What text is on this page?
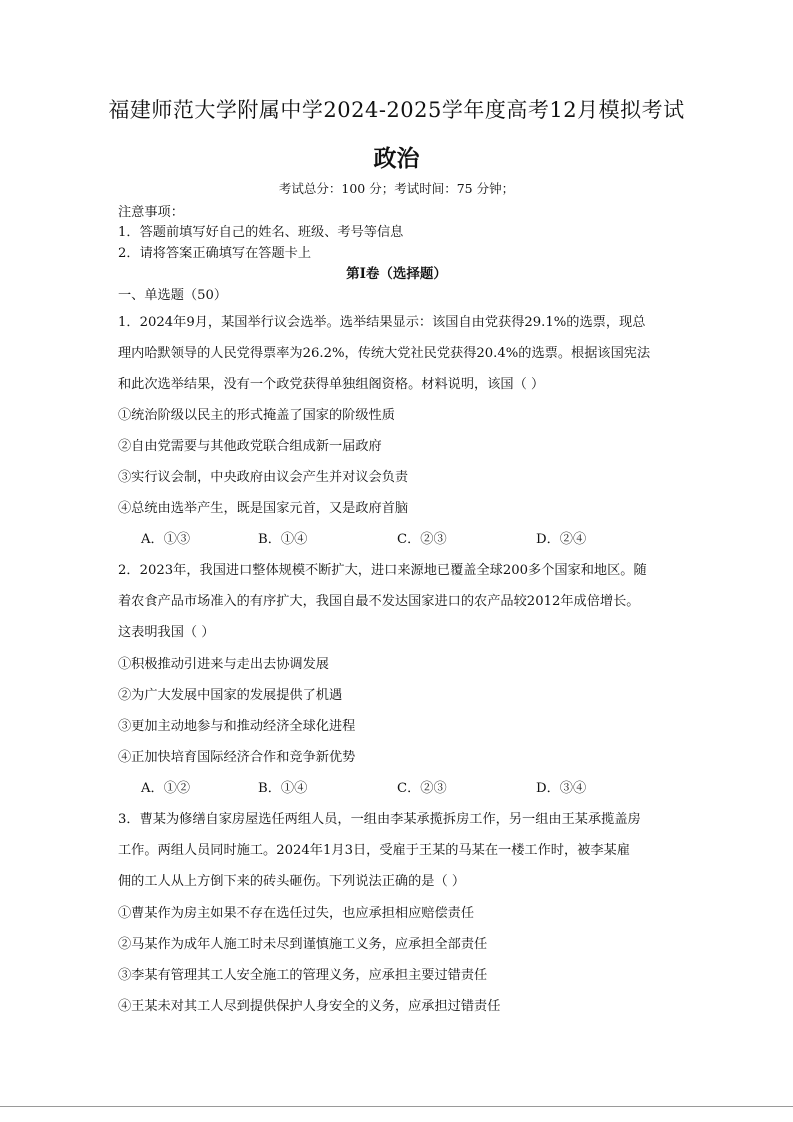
福建师范大学附属中学2024-2025学年度高考12月模拟考试
政治
考试总分：100 分；考试时间：75 分钟；
注意事项：
1．答题前填写好自己的姓名、班级、考号等信息
2．请将答案正确填写在答题卡上
第Ⅰ卷（选择题）
一、单选题（50）
1．2024年9月，某国举行议会选举。选举结果显示：该国自由党获得29.1%的选票，现总
理内哈默领导的人民党得票率为26.2%，传统大党社民党获得20.4%的选票。根据该国宪法
和此次选举结果，没有一个政党获得单独组阁资格。材料说明，该国（ ）
①统治阶级以民主的形式掩盖了国家的阶级性质
②自由党需要与其他政党联合组成新一届政府
③实行议会制，中央政府由议会产生并对议会负责
④总统由选举产生，既是国家元首，又是政府首脑
A．①③	B．①④	C．②③	D．②④
2．2023年，我国进口整体规模不断扩大，进口来源地已覆盖全球200多个国家和地区。随
着农食产品市场准入的有序扩大，我国自最不发达国家进口的农产品较2012年成倍增长。
这表明我国（ ）
①积极推动引进来与走出去协调发展
②为广大发展中国家的发展提供了机遇
③更加主动地参与和推动经济全球化进程
④正加快培育国际经济合作和竞争新优势
A．①②	B．①④	C．②③	D．③④
3．曹某为修缮自家房屋选任两组人员，一组由李某承揽拆房工作，另一组由王某承揽盖房
工作。两组人员同时施工。2024年1月3日，受雇于王某的马某在一楼工作时，被李某雇
佣的工人从上方倒下来的砖头砸伤。下列说法正确的是（ ）
①曹某作为房主如果不存在选任过失，也应承担相应赔偿责任
②马某作为成年人施工时未尽到谨慎施工义务，应承担全部责任
③李某有管理其工人安全施工的管理义务，应承担主要过错责任
④王某未对其工人尽到提供保护人身安全的义务，应承担过错责任
